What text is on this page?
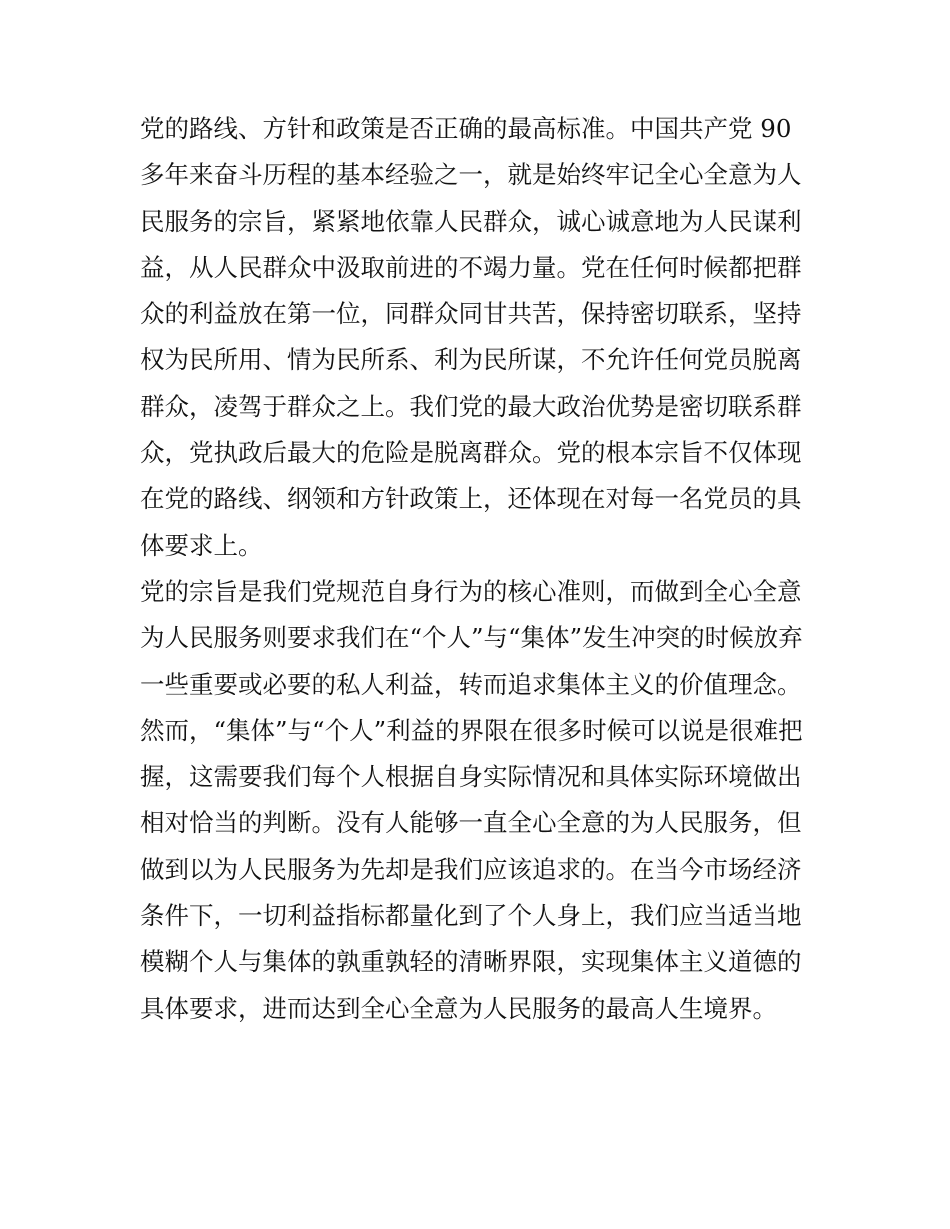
党的路线、方针和政策是否正确的最高标准。中国共产党 90
多年来奋斗历程的基本经验之一，就是始终牢记全心全意为人
民服务的宗旨，紧紧地依靠人民群众，诚心诚意地为人民谋利
益，从人民群众中汲取前进的不竭力量。党在任何时候都把群
众的利益放在第一位，同群众同甘共苦，保持密切联系，坚持
权为民所用、情为民所系、利为民所谋，不允许任何党员脱离
群众，凌驾于群众之上。我们党的最大政治优势是密切联系群
众，党执政后最大的危险是脱离群众。党的根本宗旨不仅体现
在党的路线、纲领和方针政策上，还体现在对每一名党员的具
体要求上。

党的宗旨是我们党规范自身行为的核心准则，而做到全心全意
为人民服务则要求我们在“个人”与“集体”发生冲突的时候放弃
一些重要或必要的私人利益，转而追求集体主义的价值理念。
然而，“集体”与“个人”利益的界限在很多时候可以说是很难把
握，这需要我们每个人根据自身实际情况和具体实际环境做出
相对恰当的判断。没有人能够一直全心全意的为人民服务，但
做到以为人民服务为先却是我们应该追求的。在当今市场经济
条件下，一切利益指标都量化到了个人身上，我们应当适当地
模糊个人与集体的孰重孰轻的清晰界限，实现集体主义道德的
具体要求，进而达到全心全意为人民服务的最高人生境界。
